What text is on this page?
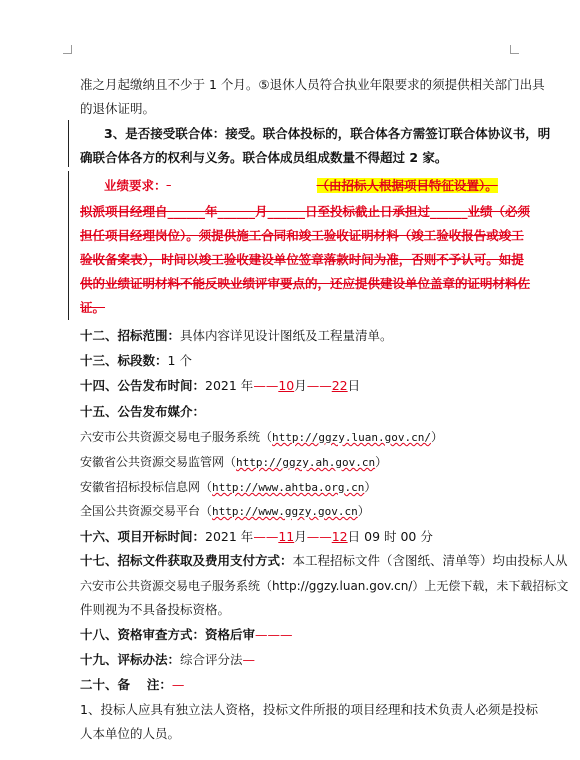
准之月起缴纳且不少于 1 个月。⑤退休人员符合执业年限要求的须提供相关部门出具
的退休证明。
3、是否接受联合体：接受。联合体投标的，联合体各方需签订联合体协议书，明
确联合体各方的权利与义务。联合体成员组成数量不得超过 2 家。
业绩要求：	（由招标人根据项目特征设置）。
拟派项目经理自______年______月______日至投标截止日承担过______业绩（必须
担任项目经理岗位）。须提供施工合同和竣工验收证明材料（竣工验收报告或竣工
验收备案表），时间以竣工验收建设单位签章落款时间为准，否则不予认可。如提
供的业绩证明材料不能反映业绩评审要点的，还应提供建设单位盖章的证明材料佐
证。
十二、招标范围：具体内容详见设计图纸及工程量清单。
十三、标段数：1 个
十四、公告发布时间：2021 年——10月——22日
十五、公告发布媒介：
六安市公共资源交易电子服务系统（http://ggzy.luan.gov.cn/）
安徽省公共资源交易监管网（http://ggzy.ah.gov.cn）
安徽省招标投标信息网（http://www.ahtba.org.cn）
全国公共资源交易平台（http://www.ggzy.gov.cn）
十六、项目开标时间：2021 年——11月——12日 09 时 00 分
十七、招标文件获取及费用支付方式：本工程招标文件（含图纸、清单等）均由投标人从
六安市公共资源交易电子服务系统（http://ggzy.luan.gov.cn/）上无偿下载，未下载招标文
件则视为不具备投标资格。
十八、资格审查方式：资格后审———
十九、评标办法：综合评分法—
二十、备　 注：—
1、投标人应具有独立法人资格，投标文件所报的项目经理和技术负责人必须是投标
人本单位的人员。
